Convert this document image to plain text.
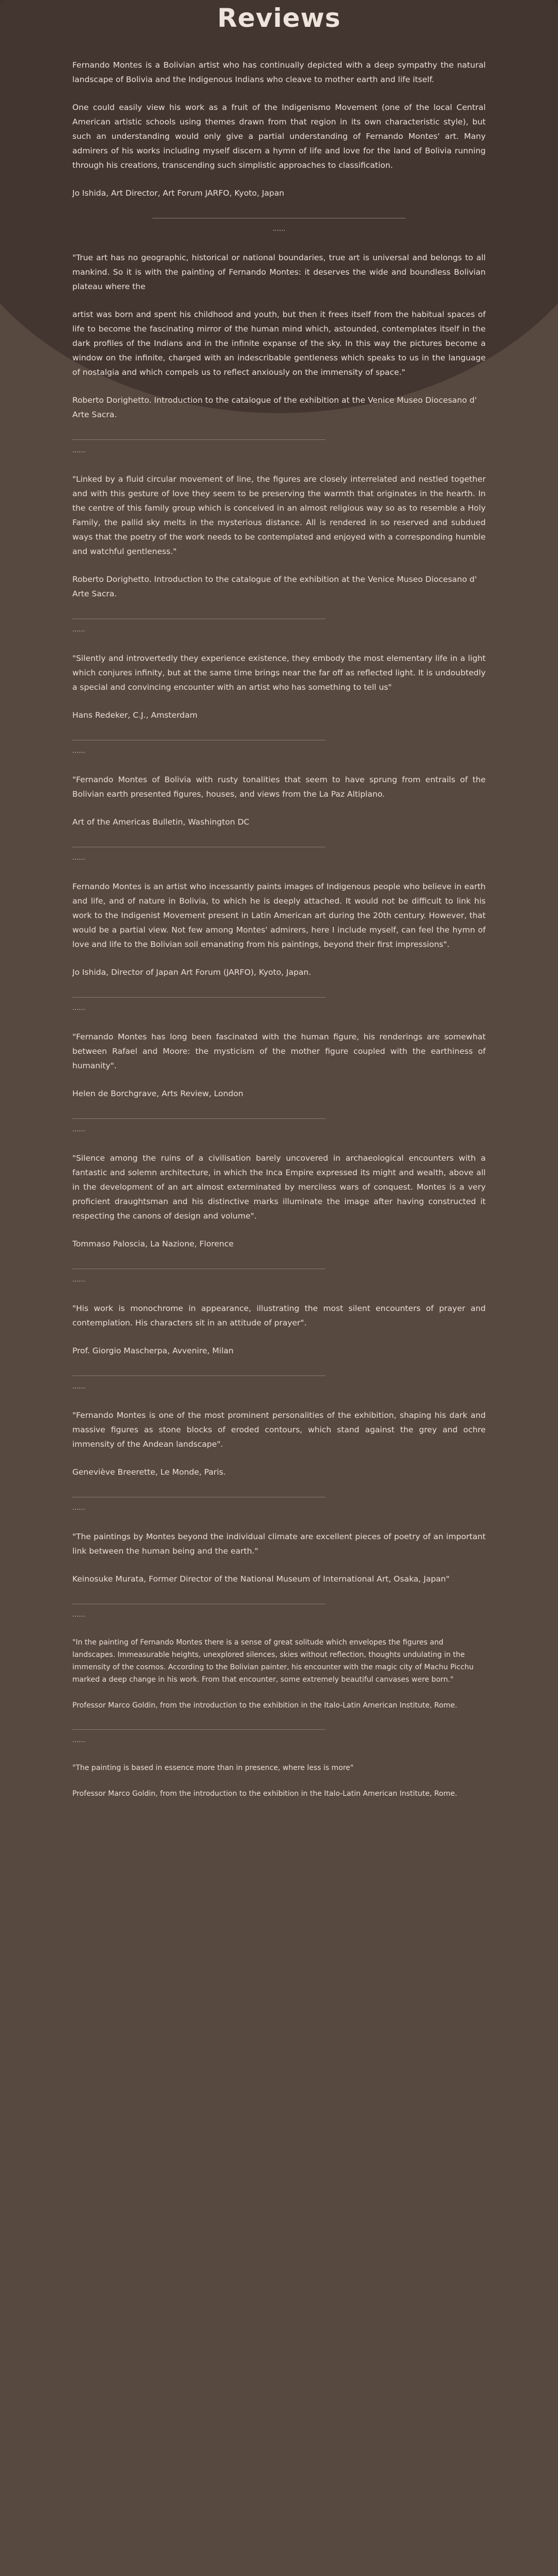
Reviews

Fernando Montes is a Bolivian artist who has continually depicted with a deep sympathy the natural landscape of Bolivia and the Indigenous Indians who cleave to mother earth and life itself.

One could easily view his work as a fruit of the Indigenismo Movement (one of the local Central American artistic schools using themes drawn from that region in its own characteristic style), but such an understanding would only give a partial understanding of Fernando Montes' art. Many admirers of his works including myself discern a hymn of life and love for the land of Bolivia running through his creations, transcending such simplistic approaches to classification.

Jo Ishida, Art Director, Art Forum JARFO, Kyoto, Japan

......

"True art has no geographic, historical or national boundaries, true art is universal and belongs to all mankind. So it is with the painting of Fernando Montes: it deserves the wide and boundless Bolivian plateau where the

artist was born and spent his childhood and youth, but then it frees itself from the habitual spaces of life to become the fascinating mirror of the human mind which, astounded, contemplates itself in the dark profiles of the Indians and in the infinite expanse of the sky. In this way the pictures become a window on the infinite, charged with an indescribable gentleness which speaks to us in the language of nostalgia and which compels us to reflect anxiously on the immensity of space."

Roberto Dorighetto. Introduction to the catalogue of the exhibition at the Venice Museo Diocesano d' Arte Sacra.

......

"Linked by a fluid circular movement of line, the figures are closely interrelated and nestled together and with this gesture of love they seem to be preserving the warmth that originates in the hearth. In the centre of this family group which is conceived in an almost religious way so as to resemble a Holy Family, the pallid sky melts in the mysterious distance. All is rendered in so reserved and subdued ways that the poetry of the work needs to be contemplated and enjoyed with a corresponding humble and watchful gentleness."

Roberto Dorighetto. Introduction to the catalogue of the exhibition at the Venice Museo Diocesano d' Arte Sacra.

......

"Silently and introvertedly they experience existence, they embody the most elementary life in a light which conjures infinity, but at the same time brings near the far off as reflected light. It is undoubtedly a special and convincing encounter with an artist who has something to tell us"

Hans Redeker, C.J., Amsterdam

......

"Fernando Montes of Bolivia with rusty tonalities that seem to have sprung from entrails of the Bolivian earth presented figures, houses, and views from the La Paz Altiplano.

Art of the Americas Bulletin, Washington DC

......

Fernando Montes is an artist who incessantly paints images of Indigenous people who believe in earth and life, and of nature in Bolivia, to which he is deeply attached. It would not be difficult to link his work to the Indigenist Movement present in Latin American art during the 20th century. However, that would be a partial view. Not few among Montes' admirers, here I include myself, can feel the hymn of love and life to the Bolivian soil emanating from his paintings, beyond their first impressions".

Jo Ishida, Director of Japan Art Forum (JARFO), Kyoto, Japan.

......

"Fernando Montes has long been fascinated with the human figure, his renderings are somewhat between Rafael and Moore: the mysticism of the mother figure coupled with the earthiness of humanity".

Helen de Borchgrave, Arts Review, London

......

"Silence among the ruins of a civilisation barely uncovered in archaeological encounters with a fantastic and solemn architecture, in which the Inca Empire expressed its might and wealth, above all in the development of an art almost exterminated by merciless wars of conquest. Montes is a very proficient draughtsman and his distinctive marks illuminate the image after having constructed it respecting the canons of design and volume".

Tommaso Paloscia, La Nazione, Florence

......

"His work is monochrome in appearance, illustrating the most silent encounters of prayer and contemplation. His characters sit in an attitude of prayer".

Prof. Giorgio Mascherpa, Avvenire, Milan

......

"Fernando Montes is one of the most prominent personalities of the exhibition, shaping his dark and massive figures as stone blocks of eroded contours, which stand against the grey and ochre immensity of the Andean landscape".

Geneviève Breerette, Le Monde, Paris.

......

"The paintings by Montes beyond the individual climate are excellent pieces of poetry of an important link between the human being and the earth."

Keinosuke Murata, Former Director of the National Museum of International Art, Osaka, Japan"

......

"In the painting of Fernando Montes there is a sense of great solitude which envelopes the figures and landscapes. Immeasurable heights, unexplored silences, skies without reflection, thoughts undulating in the immensity of the cosmos. According to the Bolivian painter, his encounter with the magic city of Machu Picchu marked a deep change in his work. From that encounter, some extremely beautiful canvases were born."

Professor Marco Goldin, from the introduction to the exhibition in the Italo-Latin American Institute, Rome.

......

"The painting is based in essence more than in presence, where less is more"

Professor Marco Goldin, from the introduction to the exhibition in the Italo-Latin American Institute, Rome.
